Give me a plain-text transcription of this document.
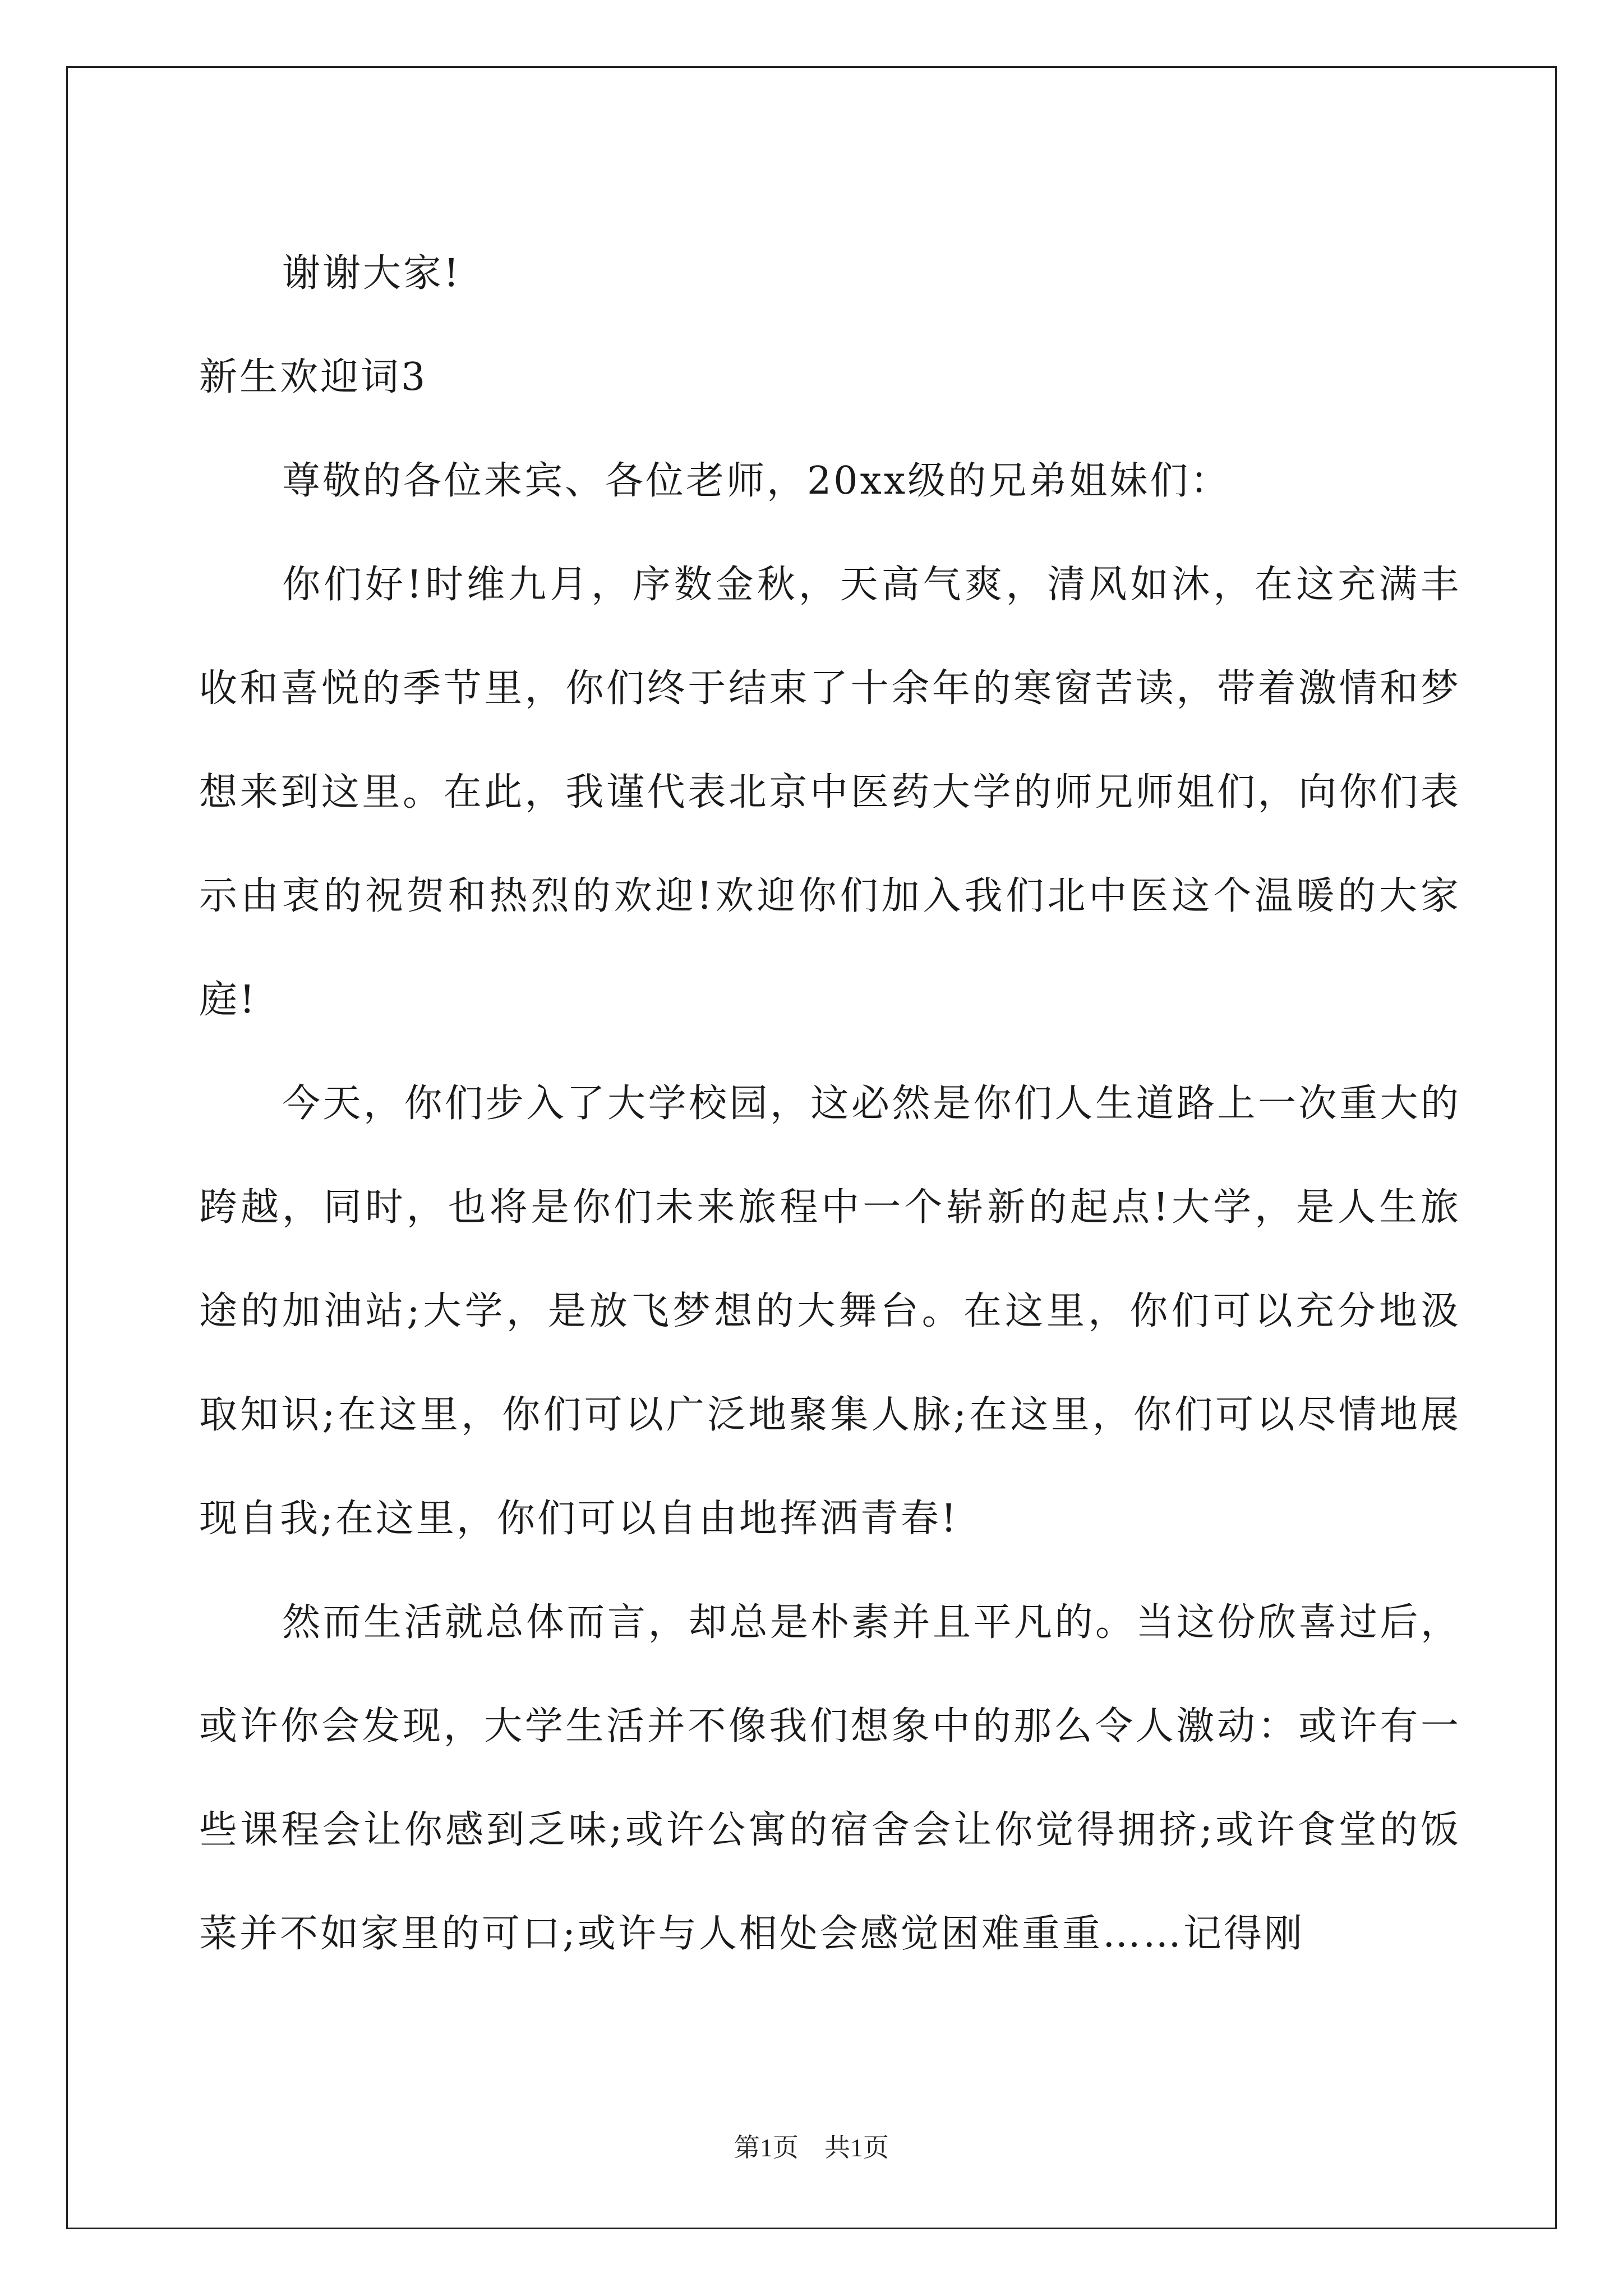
谢谢大家!

新生欢迎词3

尊敬的各位来宾、各位老师，20xx级的兄弟姐妹们：

你们好!时维九月，序数金秋，天高气爽，清风如沐，在这充满丰收和喜悦的季节里，你们终于结束了十余年的寒窗苦读，带着激情和梦想来到这里。在此，我谨代表北京中医药大学的师兄师姐们，向你们表示由衷的祝贺和热烈的欢迎!欢迎你们加入我们北中医这个温暖的大家庭!

今天，你们步入了大学校园，这必然是你们人生道路上一次重大的跨越，同时，也将是你们未来旅程中一个崭新的起点!大学，是人生旅途的加油站;大学，是放飞梦想的大舞台。在这里，你们可以充分地汲取知识;在这里，你们可以广泛地聚集人脉;在这里，你们可以尽情地展现自我;在这里，你们可以自由地挥洒青春!

然而生活就总体而言，却总是朴素并且平凡的。当这份欣喜过后，或许你会发现，大学生活并不像我们想象中的那么令人激动：或许有一些课程会让你感到乏味;或许公寓的宿舍会让你觉得拥挤;或许食堂的饭菜并不如家里的可口;或许与人相处会感觉困难重重……记得刚

第1页　共1页
